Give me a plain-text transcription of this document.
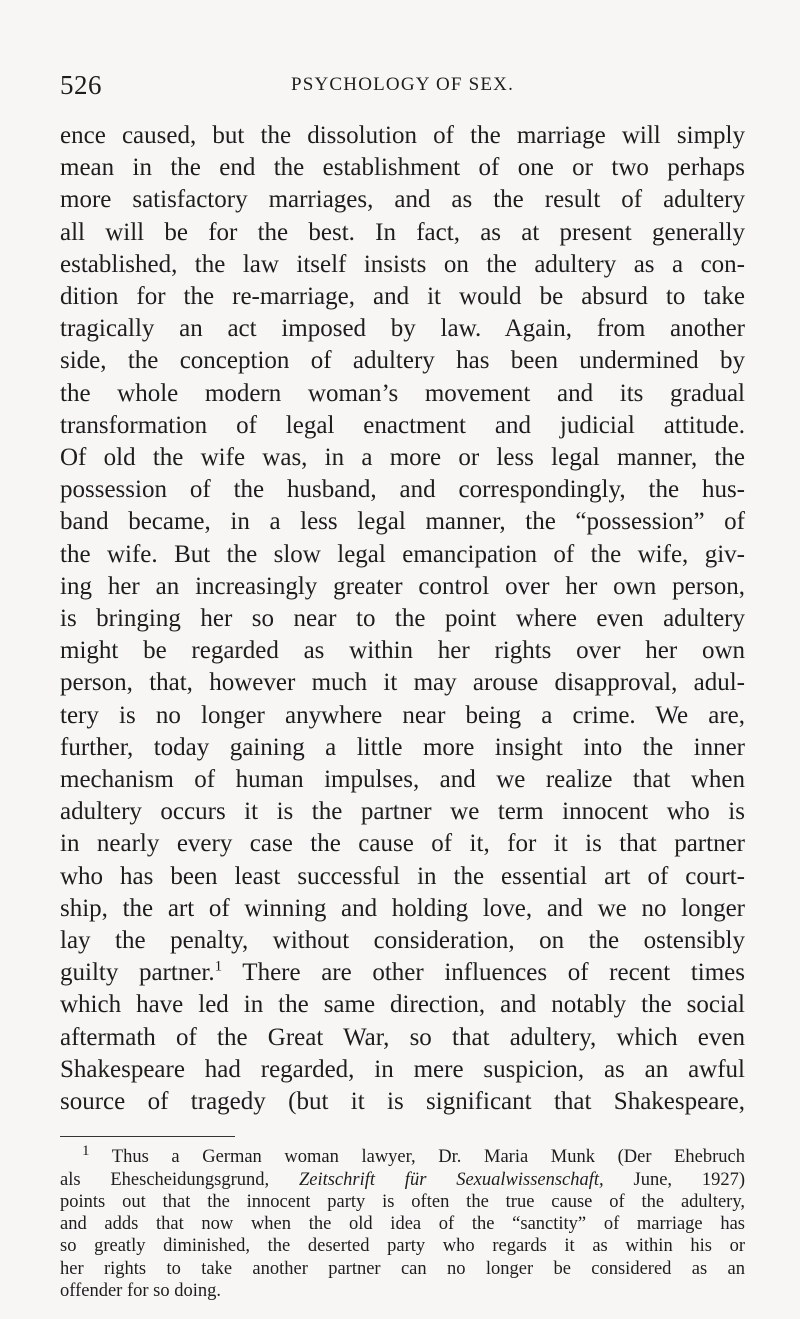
526	PSYCHOLOGY OF SEX.
ence caused, but the dissolution of the marriage will simply
mean in the end the establishment of one or two perhaps
more satisfactory marriages, and as the result of adultery
all will be for the best. In fact, as at present generally
established, the law itself insists on the adultery as a con-
dition for the re-marriage, and it would be absurd to take
tragically an act imposed by law. Again, from another
side, the conception of adultery has been undermined by
the whole modern woman’s movement and its gradual
transformation of legal enactment and judicial attitude.
Of old the wife was, in a more or less legal manner, the
possession of the husband, and correspondingly, the hus-
band became, in a less legal manner, the “possession” of
the wife. But the slow legal emancipation of the wife, giv-
ing her an increasingly greater control over her own person,
is bringing her so near to the point where even adultery
might be regarded as within her rights over her own
person, that, however much it may arouse disapproval, adul-
tery is no longer anywhere near being a crime. We are,
further, today gaining a little more insight into the inner
mechanism of human impulses, and we realize that when
adultery occurs it is the partner we term innocent who is
in nearly every case the cause of it, for it is that partner
who has been least successful in the essential art of court-
ship, the art of winning and holding love, and we no longer
lay the penalty, without consideration, on the ostensibly
guilty partner.$^1$ There are other influences of recent times
which have led in the same direction, and notably the social
aftermath of the Great War, so that adultery, which even
Shakespeare had regarded, in mere suspicion, as an awful
source of tragedy (but it is significant that Shakespeare,
$^1$ Thus a German woman lawyer, Dr. Maria Munk (Der Ehebruch
als Ehescheidungsgrund, Zeitschrift für Sexualwissenschaft, June, 1927)
points out that the innocent party is often the true cause of the adultery,
and adds that now when the old idea of the “sanctity” of marriage has
so greatly diminished, the deserted party who regards it as within his or
her rights to take another partner can no longer be considered as an
offender for so doing.
